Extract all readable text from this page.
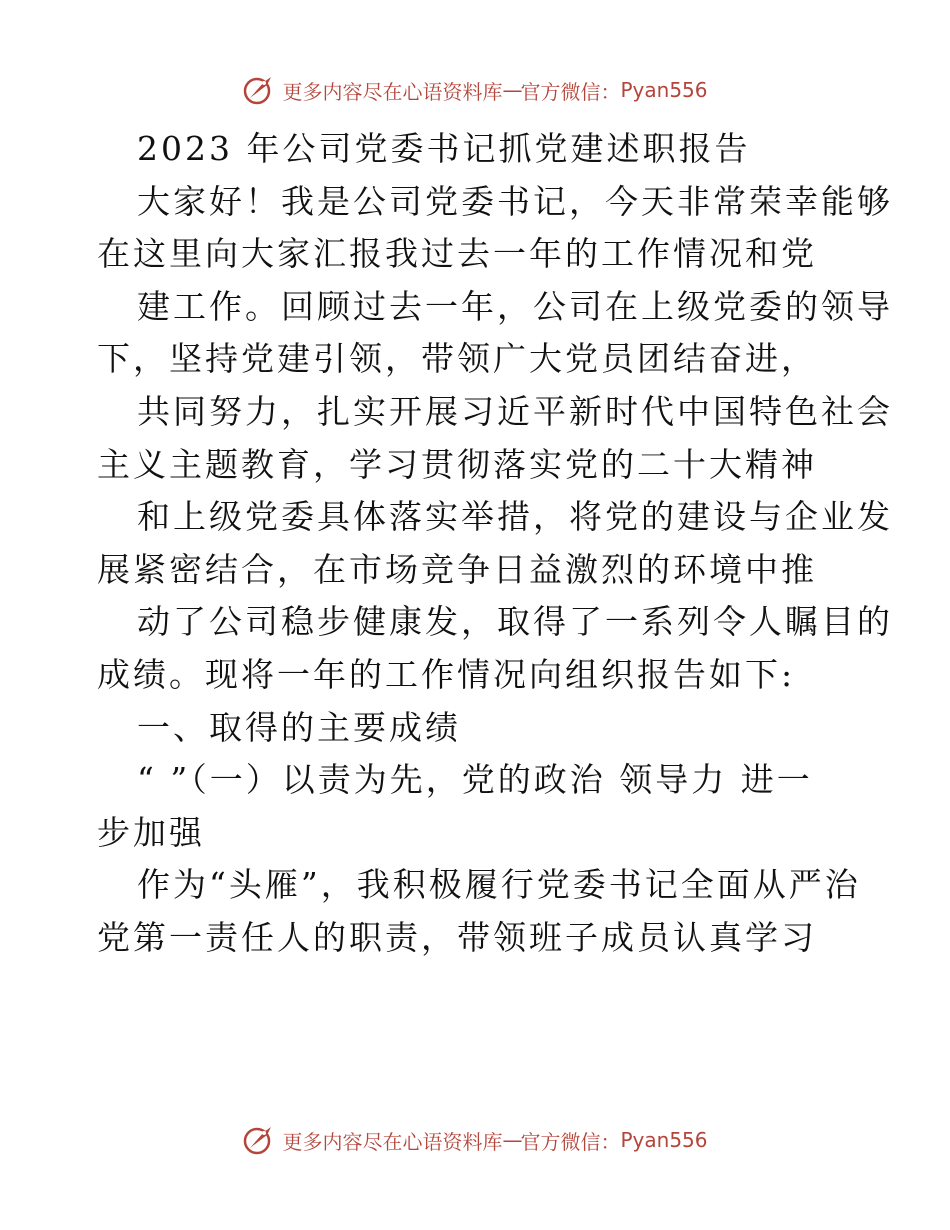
更多内容尽在心语资料库 — 官方微信： Pyan556
2023 年公司党委书记抓党建述职报告
大家好！我是公司党委书记，今天非常荣幸能够
在这里向大家汇报我过去一年的工作情况和党
建工作。回顾过去一年，公司在上级党委的领导
下，坚持党建引领，带领广大党员团结奋进，
共同努力，扎实开展习近平新时代中国特色社会
主义主题教育，学习贯彻落实党的二十大精神
和上级党委具体落实举措，将党的建设与企业发
展紧密结合，在市场竞争日益激烈的环境中推
动了公司稳步健康发，取得了一系列令人瞩目的
成绩。现将一年的工作情况向组织报告如下:
一、取得的主要成绩
“ ”（一）以责为先，党的政治 领导力 进一
步加强
作为“头雁”，我积极履行党委书记全面从严治
党第一责任人的职责，带领班子成员认真学习
更多内容尽在心语资料库 — 官方微信： Pyan556
